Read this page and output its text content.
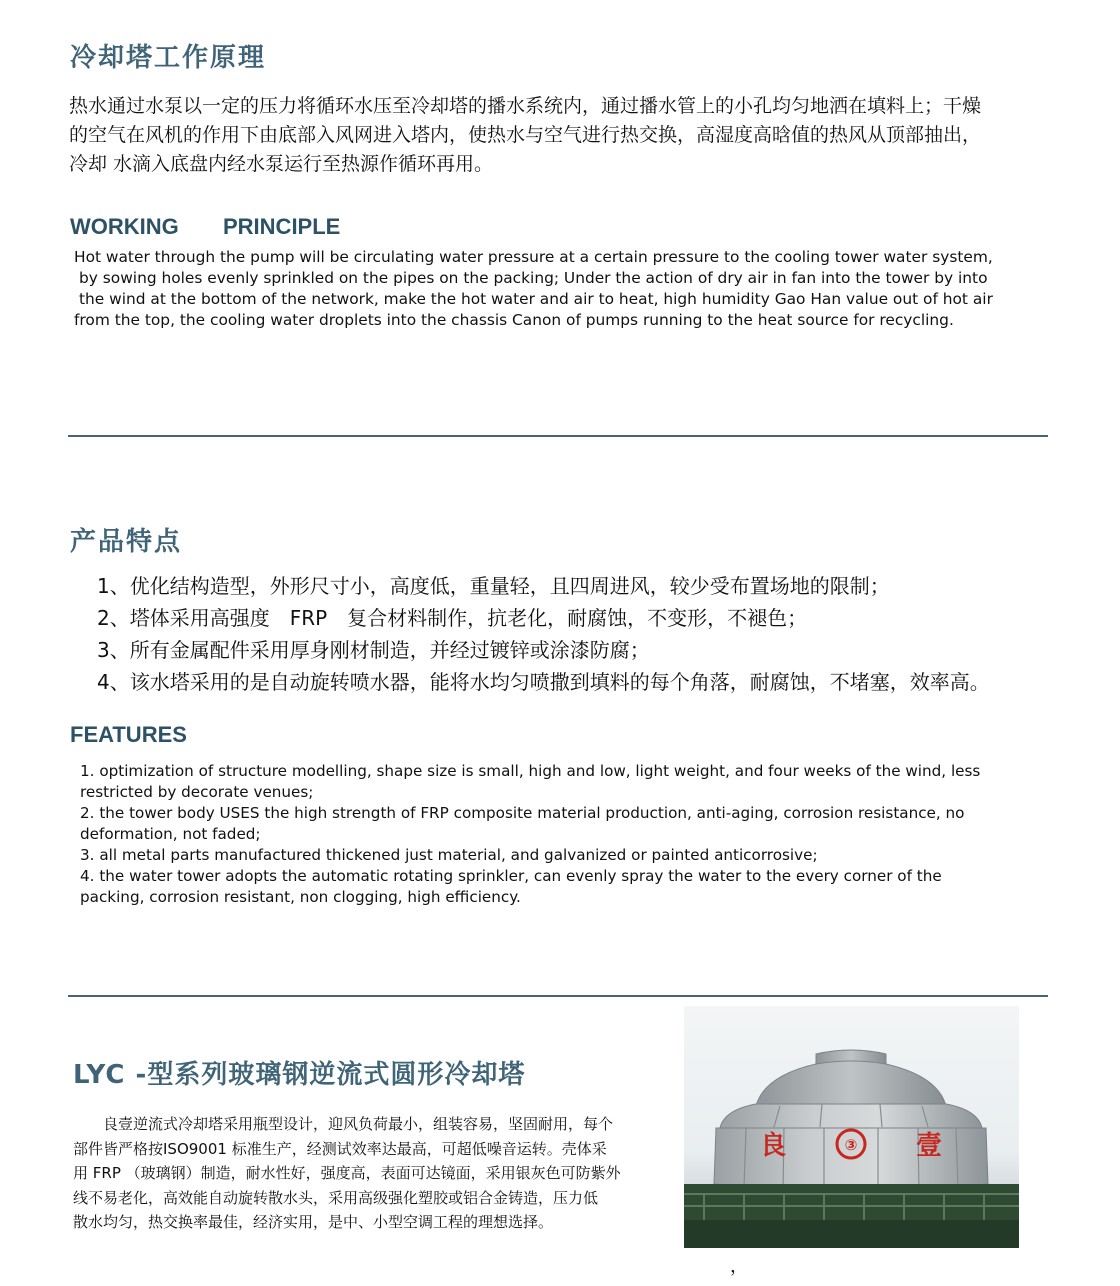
冷却塔工作原理
热水通过水泵以一定的压力将循环水压至冷却塔的播水系统内，通过播水管上的小孔均匀地洒在填料上；干燥
的空气在风机的作用下由底部入风网进入塔内，使热水与空气进行热交换，高湿度高晗值的热风从顶部抽出，
冷却 水滴入底盘内经水泵运行至热源作循环再用。
WORKING PRINCIPLE
Hot water through the pump will be circulating water pressure at a certain pressure to the cooling tower water system,
by sowing holes evenly sprinkled on the pipes on the packing; Under the action of dry air in fan into the tower by into
the wind at the bottom of the network, make the hot water and air to heat, high humidity Gao Han value out of hot air
from the top, the cooling water droplets into the chassis Canon of pumps running to the heat source for recycling.
产品特点

1、优化结构造型，外形尺寸小，高度低，重量轻，且四周进风，较少受布置场地的限制；

2、塔体采用高强度　FRP　复合材料制作，抗老化，耐腐蚀，不变形，不褪色；

3、所有金属配件采用厚身刚材制造，并经过镀锌或涂漆防腐；

4、该水塔采用的是自动旋转喷水器，能将水均匀喷撒到填料的每个角落，耐腐蚀，不堵塞，效率高。

FEATURES

1. optimization of structure modelling, shape size is small, high and low, light weight, and four weeks of the wind, less

restricted by decorate venues;

2. the tower body USES the high strength of FRP composite material production, anti-aging, corrosion resistance, no

deformation, not faded;

3. all metal parts manufactured thickened just material, and galvanized or painted anticorrosive;

4. the water tower adopts the automatic rotating sprinkler, can evenly spray the water to the every corner of the

packing, corrosion resistant, non clogging, high efficiency.

LYC -型系列玻璃钢逆流式圆形冷却塔

良壹逆流式冷却塔采用瓶型设计，迎风负荷最小，组装容易，坚固耐用，每个

部件皆严格按ISO9001 标准生产，经测试效率达最高，可超低噪音运转。壳体采

用 FRP （玻璃钢）制造，耐水性好，强度高，表面可达镜面，采用银灰色可防紫外

线不易老化，高效能自动旋转散水头，采用高级强化塑胶或铝合金铸造，压力低

散水均匀，热交换率最佳，经济实用，是中、小型空调工程的理想选择。

③
良	壹
，
